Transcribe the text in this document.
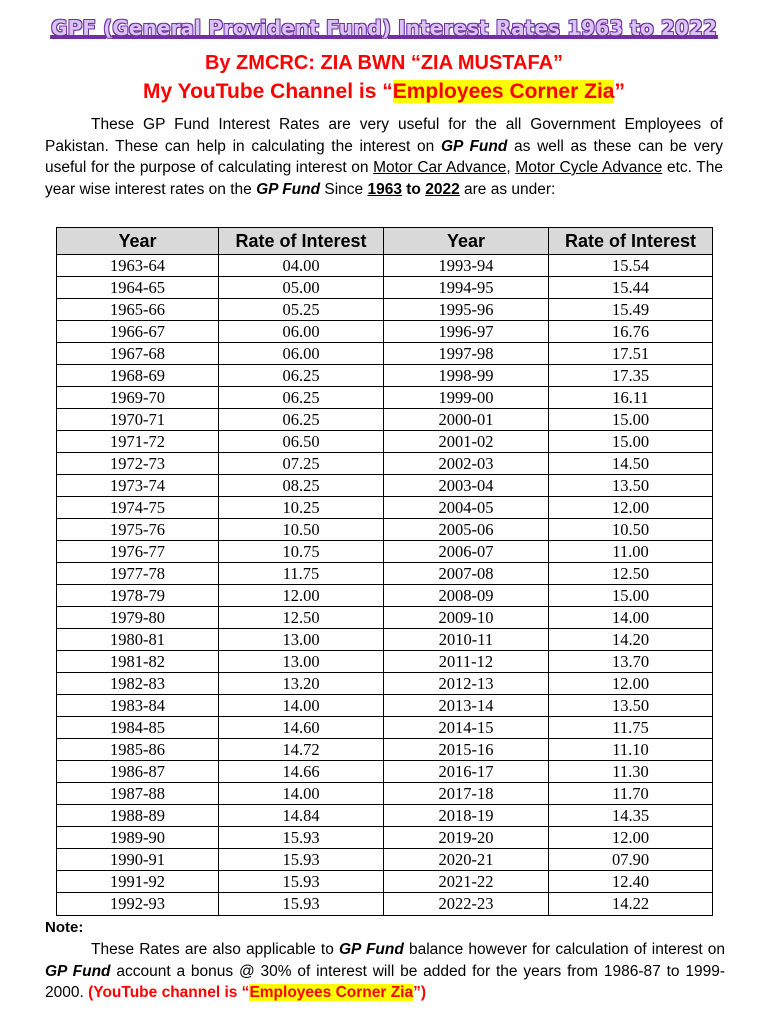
GPF (General Provident Fund) Interest Rates 1963 to 2022
By ZMCRC: ZIA BWN “ZIA MUSTAFA”
My YouTube Channel is “Employees Corner Zia”
These GP Fund Interest Rates are very useful for the all Government Employees of Pakistan. These can help in calculating the interest on GP Fund as well as these can be very useful for the purpose of calculating interest on Motor Car Advance, Motor Cycle Advance etc. The year wise interest rates on the GP Fund Since 1963 to 2022 are as under:
Year	Rate of Interest	Year	Rate of Interest
1963-64	04.00	1993-94	15.54
1964-65	05.00	1994-95	15.44
1965-66	05.25	1995-96	15.49
1966-67	06.00	1996-97	16.76
1967-68	06.00	1997-98	17.51
1968-69	06.25	1998-99	17.35
1969-70	06.25	1999-00	16.11
1970-71	06.25	2000-01	15.00
1971-72	06.50	2001-02	15.00
1972-73	07.25	2002-03	14.50
1973-74	08.25	2003-04	13.50
1974-75	10.25	2004-05	12.00
1975-76	10.50	2005-06	10.50
1976-77	10.75	2006-07	11.00
1977-78	11.75	2007-08	12.50
1978-79	12.00	2008-09	15.00
1979-80	12.50	2009-10	14.00
1980-81	13.00	2010-11	14.20
1981-82	13.00	2011-12	13.70
1982-83	13.20	2012-13	12.00
1983-84	14.00	2013-14	13.50
1984-85	14.60	2014-15	11.75
1985-86	14.72	2015-16	11.10
1986-87	14.66	2016-17	11.30
1987-88	14.00	2017-18	11.70
1988-89	14.84	2018-19	14.35
1989-90	15.93	2019-20	12.00
1990-91	15.93	2020-21	07.90
1991-92	15.93	2021-22	12.40
1992-93	15.93	2022-23	14.22
Note:
These Rates are also applicable to GP Fund balance however for calculation of interest on GP Fund account a bonus @ 30% of interest will be added for the years from 1986-87 to 1999-2000. (YouTube channel is “Employees Corner Zia”)
